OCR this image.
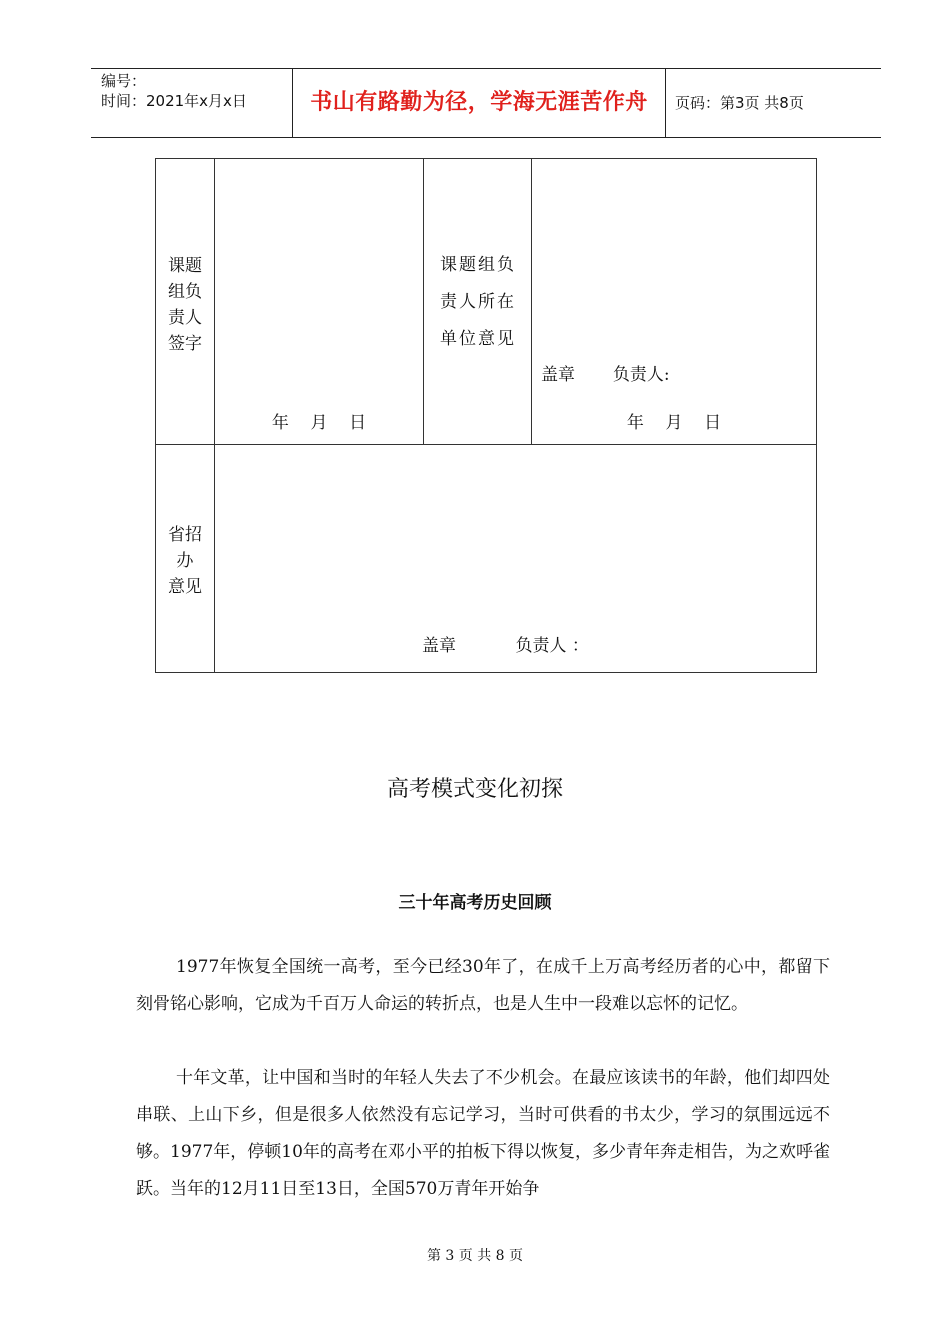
编号：
时间：2021年x月x日	书山有路勤为径，学海无涯苦作舟	页码：第3页 共8页
课题
组负
责人
签字
年    月    日
课题组负
责人所在
单位意见
盖章       负责人:
年    月    日
省招
办
意见
盖章           负责人 ：
高考模式变化初探
三十年高考历史回顾
1977年恢复全国统一高考，至今已经30年了，在成千上万高考经历者的心中，都留下刻骨铭心影响，它成为千百万人命运的转折点，也是人生中一段难以忘怀的记忆。
十年文革，让中国和当时的年轻人失去了不少机会。在最应该读书的年龄，他们却四处串联、上山下乡，但是很多人依然没有忘记学习，当时可供看的书太少，学习的氛围远远不够。1977年，停顿10年的高考在邓小平的拍板下得以恢复，多少青年奔走相告，为之欢呼雀跃。当年的12月11日至13日，全国570万青年开始争
第 3 页 共 8 页
